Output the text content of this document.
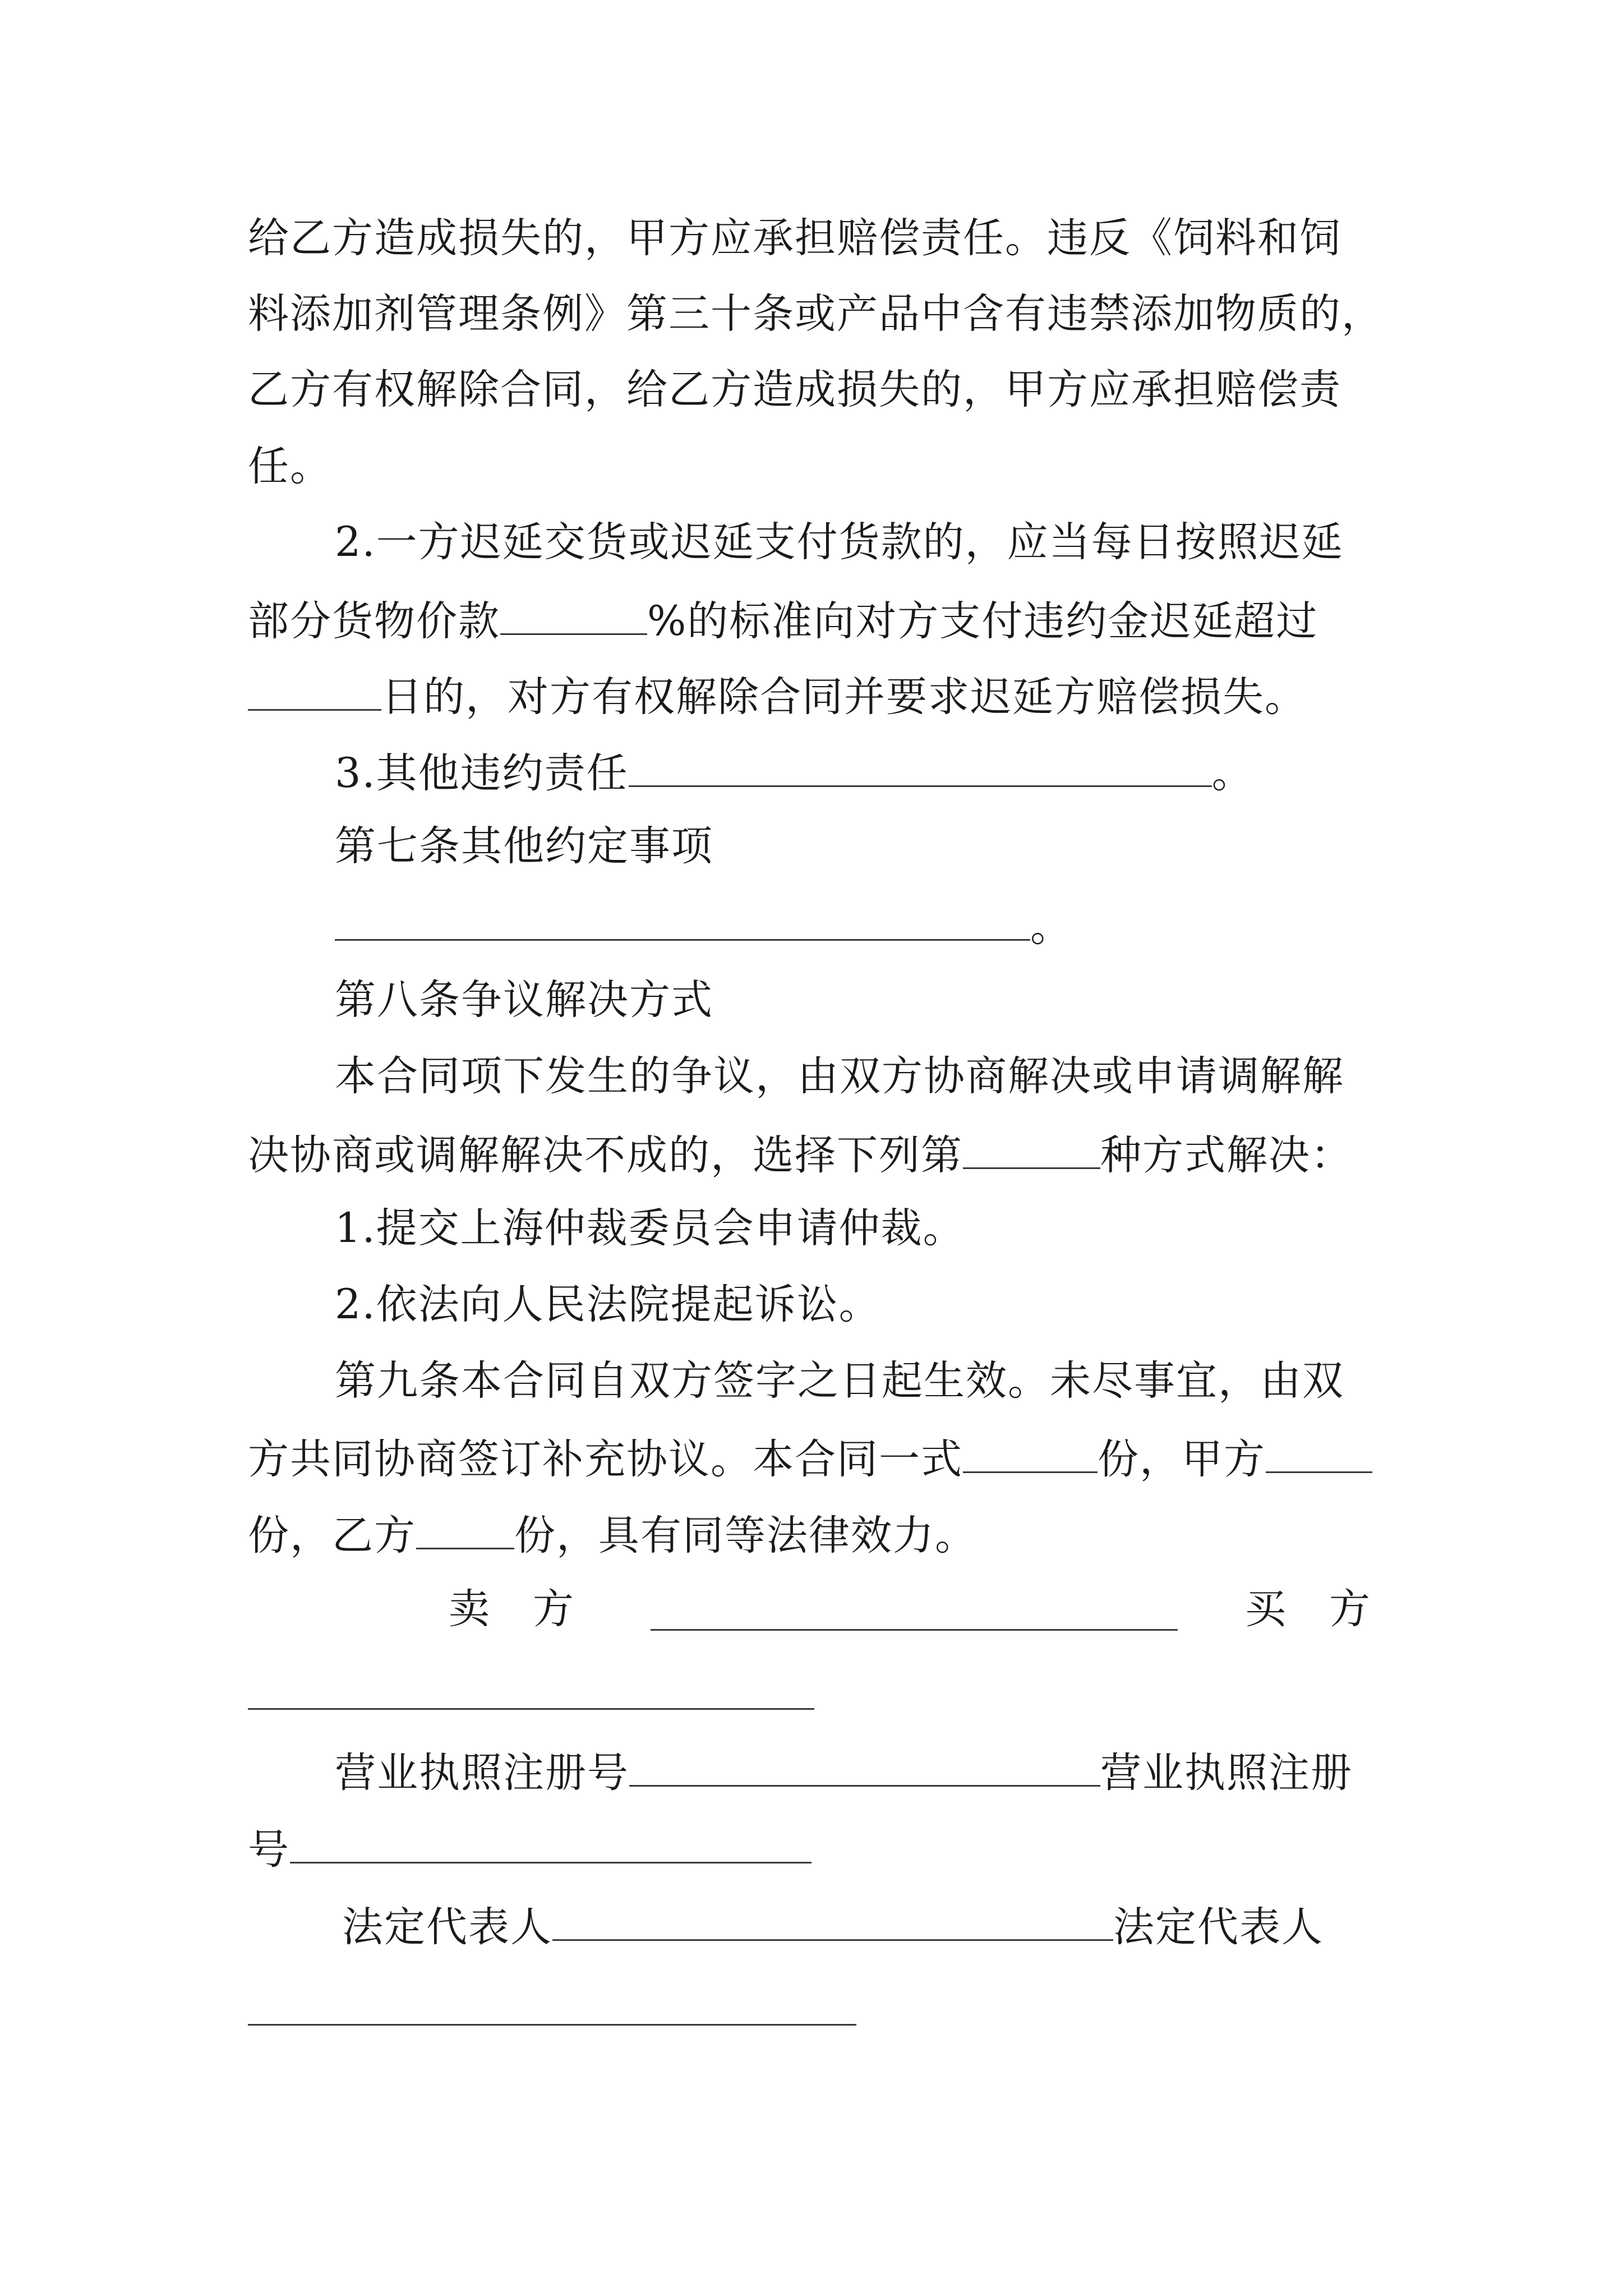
给乙方造成损失的，甲方应承担赔偿责任。违反《饲料和饲
料添加剂管理条例》第三十条或产品中含有违禁添加物质的，
乙方有权解除合同，给乙方造成损失的，甲方应承担赔偿责
任。
2.一方迟延交货或迟延支付货款的，应当每日按照迟延
部分货物价款	%的标准向对方支付违约金迟延超过
日的，对方有权解除合同并要求迟延方赔偿损失。
3.其他违约责任	。
第七条其他约定事项
。
第八条争议解决方式
本合同项下发生的争议，由双方协商解决或申请调解解
决协商或调解解决不成的，选择下列第	种方式解决：
1.提交上海仲裁委员会申请仲裁。
2.依法向人民法院提起诉讼。
第九条本合同自双方签字之日起生效。未尽事宜，由双
方共同协商签订补充协议。本合同一式	份，甲方
份，乙方 份，具有同等法律效力。
卖　方	买　方
营业执照注册号	营业执照注册
号
法定代表人	法定代表人
